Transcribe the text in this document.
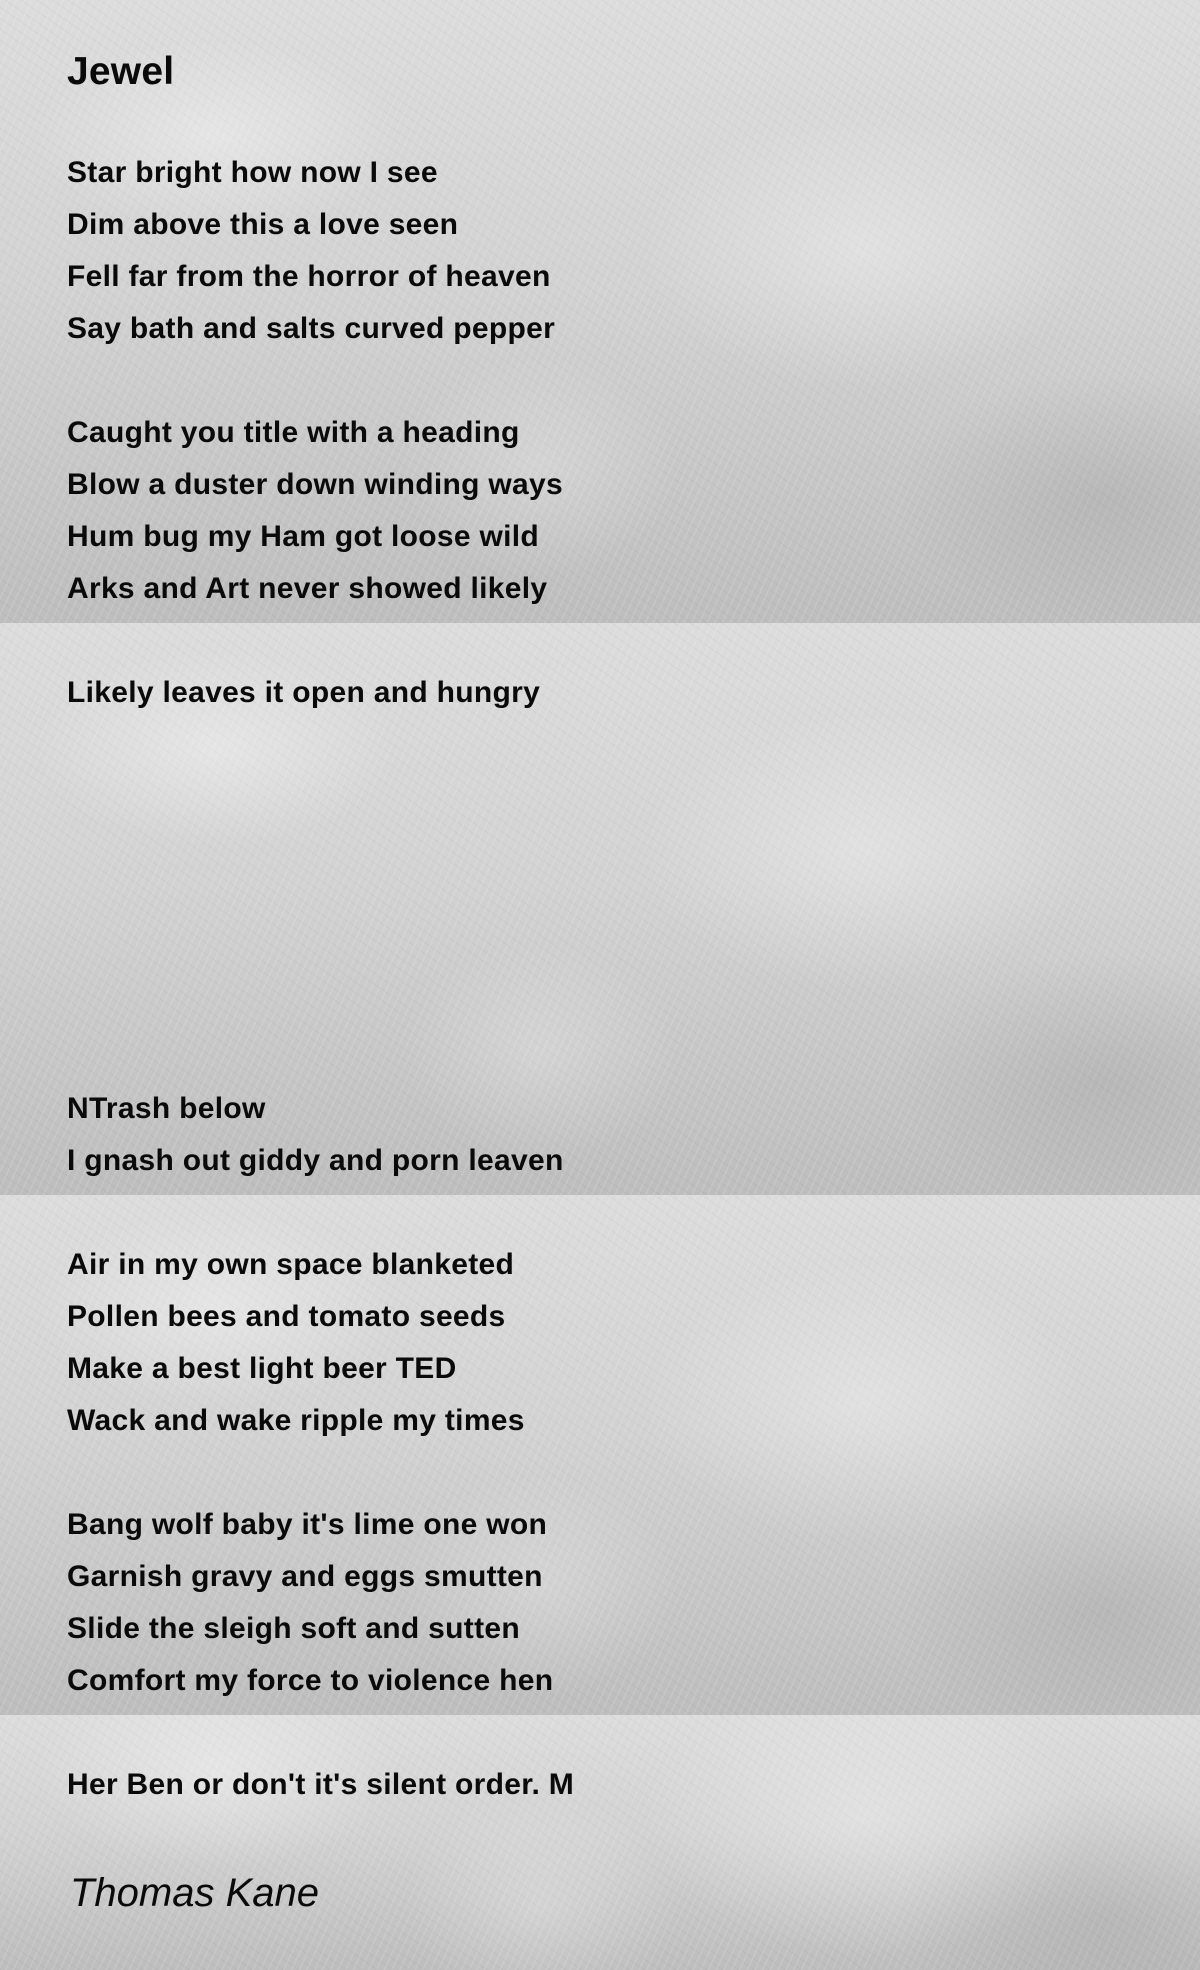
Jewel

Star bright how now I see

Dim above this a love seen

Fell far from the horror of heaven

Say bath and salts curved pepper

Caught you title with a heading

Blow a duster down winding ways

Hum bug my Ham got loose wild

Arks and Art never showed likely

Likely leaves it open and hungry

NTrash below

I gnash out giddy and porn leaven

Air in my own space blanketed

Pollen bees and tomato seeds

Make a best light beer TED

Wack and wake ripple my times

Bang wolf baby it's lime one won

Garnish gravy and eggs smutten

Slide the sleigh soft and sutten

Comfort my force to violence hen

Her Ben or don't it's silent order. M

Thomas Kane
